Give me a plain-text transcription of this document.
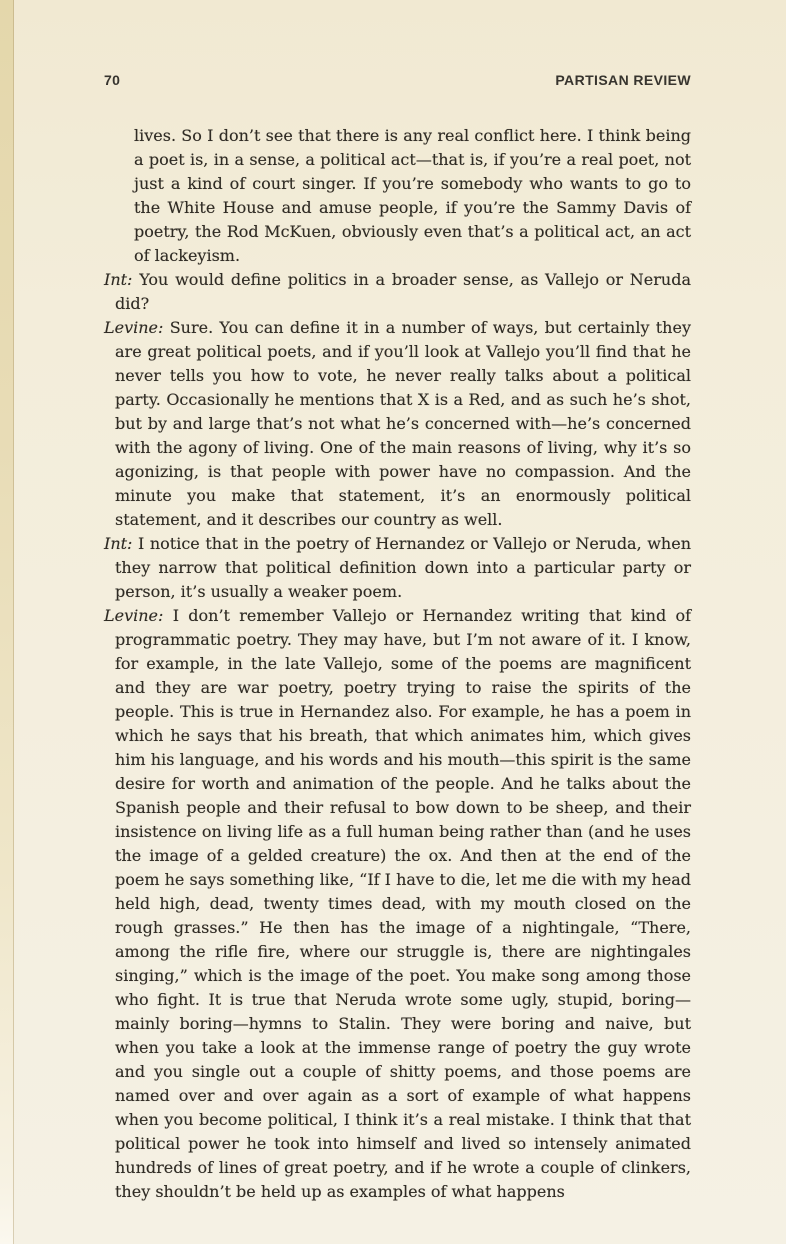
70	PARTISAN REVIEW

lives. So I don’t see that there is any real conflict here. I think being a poet is, in a sense, a political act—that is, if you’re a real poet, not just a kind of court singer. If you’re somebody who wants to go to the White House and amuse people, if you’re the Sammy Davis of poetry, the Rod McKuen, obviously even that’s a political act, an act of lackeyism.

Int: You would define politics in a broader sense, as Vallejo or Neruda did?

Levine: Sure. You can define it in a number of ways, but certainly they are great political poets, and if you’ll look at Vallejo you’ll find that he never tells you how to vote, he never really talks about a political party. Occasionally he mentions that X is a Red, and as such he’s shot, but by and large that’s not what he’s concerned with—he’s concerned with the agony of living. One of the main reasons of living, why it’s so agonizing, is that people with power have no compassion. And the minute you make that statement, it’s an enormously political statement, and it describes our country as well.

Int: I notice that in the poetry of Hernandez or Vallejo or Neruda, when they narrow that political definition down into a particular party or person, it’s usually a weaker poem.

Levine: I don’t remember Vallejo or Hernandez writing that kind of programmatic poetry. They may have, but I’m not aware of it. I know, for example, in the late Vallejo, some of the poems are magnificent and they are war poetry, poetry trying to raise the spirits of the people. This is true in Hernandez also. For example, he has a poem in which he says that his breath, that which animates him, which gives him his language, and his words and his mouth—this spirit is the same desire for worth and animation of the people. And he talks about the Spanish people and their refusal to bow down to be sheep, and their insistence on living life as a full human being rather than (and he uses the image of a gelded creature) the ox. And then at the end of the poem he says something like, “If I have to die, let me die with my head held high, dead, twenty times dead, with my mouth closed on the rough grasses.” He then has the image of a nightingale, “There, among the rifle fire, where our struggle is, there are nightingales singing,” which is the image of the poet. You make song among those who fight. It is true that Neruda wrote some ugly, stupid, boring—mainly boring—hymns to Stalin. They were boring and naive, but when you take a look at the immense range of poetry the guy wrote and you single out a couple of shitty poems, and those poems are named over and over again as a sort of example of what happens when you become political, I think it’s a real mistake. I think that that political power he took into himself and lived so intensely animated hundreds of lines of great poetry, and if he wrote a couple of clinkers, they shouldn’t be held up as examples of what happens
